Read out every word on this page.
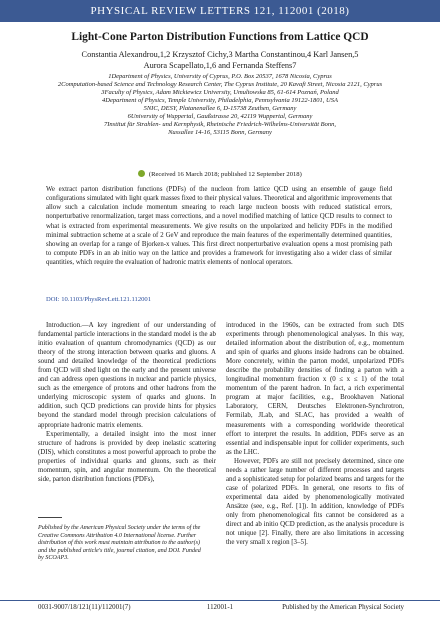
PHYSICAL REVIEW LETTERS 121, 112001 (2018)
Light-Cone Parton Distribution Functions from Lattice QCD
Constantia Alexandrou,1,2 Krzysztof Cichy,3 Martha Constantinou,4 Karl Jansen,5
Aurora Scapellato,1,6 and Fernanda Steffens7
1Department of Physics, University of Cyprus, P.O. Box 20537, 1678 Nicosia, Cyprus
2Computation-based Science and Technology Research Center, The Cyprus Institute, 20 Kavafi Street, Nicosia 2121, Cyprus
3Faculty of Physics, Adam Mickiewicz University, Umultowska 85, 61-614 Poznań, Poland
4Department of Physics, Temple University, Philadelphia, Pennsylvania 19122-1801, USA
5NIC, DESY, Platanenallee 6, D-15738 Zeuthen, Germany
6University of Wuppertal, Gaußstrasse 20, 42119 Wuppertal, Germany
7Institut für Strahlen- und Kernphysik, Rheinische Friedrich-Wilhelms-Universität Bonn,
Nussallee 14-16, 53115 Bonn, Germany
(Received 16 March 2018; published 12 September 2018)
We extract parton distribution functions (PDFs) of the nucleon from lattice QCD using an ensemble of gauge field configurations simulated with light quark masses fixed to their physical values. Theoretical and algorithmic improvements that allow such a calculation include momentum smearing to reach large nucleon boosts with reduced statistical errors, nonperturbative renormalization, target mass corrections, and a novel modified matching of lattice QCD results to connect to what is extracted from experimental measurements. We give results on the unpolarized and helicity PDFs in the modified minimal subtraction scheme at a scale of 2 GeV and reproduce the main features of the experimentally determined quantities, showing an overlap for a range of Bjorken-x values. This first direct nonperturbative evaluation opens a most promising path to compute PDFs in an ab initio way on the lattice and provides a framework for investigating also a wider class of similar quantities, which require the evaluation of hadronic matrix elements of nonlocal operators.
DOI: 10.1103/PhysRevLett.121.112001

Introduction.—A key ingredient of our understanding of fundamental particle interactions in the standard model is the ab initio evaluation of quantum chromodynamics (QCD) as our theory of the strong interaction between quarks and gluons. A sound and detailed knowledge of the theoretical predictions from QCD will shed light on the early and the present universe and can address open questions in nuclear and particle physics, such as the emergence of protons and other hadrons from the underlying microscopic system of quarks and gluons. In addition, such QCD predictions can provide hints for physics beyond the standard model through precision calculations of appropriate hadronic matrix elements.

Experimentally, a detailed insight into the most inner structure of hadrons is provided by deep inelastic scattering (DIS), which constitutes a most powerful approach to probe the properties of individual quarks and gluons, such as their momentum, spin, and angular momentum. On the theoretical side, parton distribution functions (PDFs),

introduced in the 1960s, can be extracted from such DIS experiments through phenomenological analyses. In this way, detailed information about the distribution of, e.g., momentum and spin of quarks and gluons inside hadrons can be obtained. More concretely, within the parton model, unpolarized PDFs describe the probability densities of finding a parton with a longitudinal momentum fraction x (0 ≤ x ≤ 1) of the total momentum of the parent hadron. In fact, a rich experimental program at major facilities, e.g., Brookhaven National Laboratory, CERN, Deutsches Elektronen-Synchrotron, Fermilab, JLab, and SLAC, has provided a wealth of measurements with a corresponding worldwide theoretical effort to interpret the results. In addition, PDFs serve as an essential and indispensable input for collider experiments, such as the LHC.

However, PDFs are still not precisely determined, since one needs a rather large number of different processes and targets and a sophisticated setup for polarized beams and targets for the case of polarized PDFs. In general, one resorts to fits of experimental data aided by phenomenologically motivated Ansätze (see, e.g., Ref. [1]). In addition, knowledge of PDFs only from phenomenological fits cannot be considered as a direct and ab initio QCD prediction, as the analysis procedure is not unique [2]. Finally, there are also limitations in accessing the very small x region [3–5].

Published by the American Physical Society under the terms of the Creative Commons Attribution 4.0 International license. Further distribution of this work must maintain attribution to the author(s) and the published article's title, journal citation, and DOI. Funded by SCOAP3.
0031-9007/18/121(11)/112001(7)	112001-1	Published by the American Physical Society
